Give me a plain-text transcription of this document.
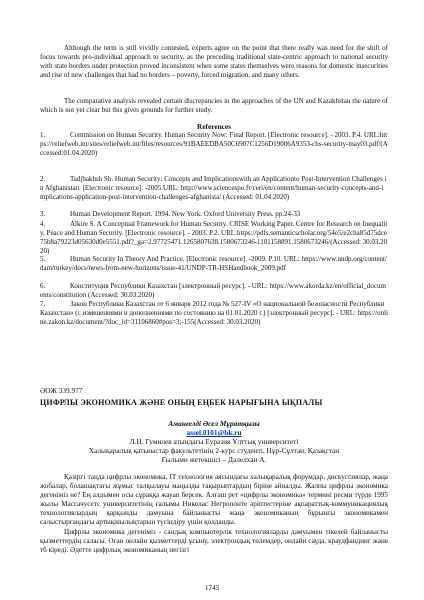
Although the term is still vividly contested, experts agree on the point that there really was need for the shift of focus towards pro-individual approach to security, as the preceding traditional state-centric approach to national security with state borders under protection proved inconsistent when some states themselves were reasons for domestic insecurities and rise of new challenges that had no borders – poverty, forced migration, and many others.

The comparative analysis revealed certain discrepancies in the approaches of the UN and Kazakhstan the nature of which is not yet clear but this gives grounds for further study.

References

1.	Commission on Human Security. Human Security Now: Final Report. [Electronic resource]. - 2003. P.4. URL:https://reliefweb.int/sites/reliefweb.int/files/resources/91BAEEDBA50C6907C1256D19006A9353-chs-security-may03.pdf/(Accessed:01.04.2020)

2.	Tadjbakhsh Sh. Human Security: Concepts and Implicationswith an Applicationto Post-Intervention Challenges in Afghanistan. [Electronic resource]. -2005.URL: http://www.sciencespo.fr/ceri/en/content/human-security-concepts-and-implications-application-post-intervention-challenges-afghanista/ (Accessed: 01.04.2020)

3.	Human Development Report. 1994. New York. Oxford University Press. pp.24-33

4.	Alkire S. A Conceptual Framework for Human Security. CRISE Working Paper. Centre for Research on Inequality, Peace and Human Security. [Electronic resource]. - 2003. P.2. URL:https://pdfs.semanticscholar.org/54e5/e2cha85d75dce75b8a79223d05630d0e5551.pdf?_ga=2.97725471.1265807638.1580673246-1101158891.1580673246/(Accessed: 30.03.2020)

5.	Human Security In Theory And Practice. [Electronic resource]. -2009. P.10. URL: https://www.undp.org/content/dam/turkey/docs/news-from-new-horizons/issue-41/UNDP-TR-HSHandbook_2009.pdf

6.	Конституция Республики Казахстан [электронный ресурс]. - URL: https://www.akorda.kz/en/official_documents/constitution (Accessed: 30.03.2020)

7.	Закон Республики Казахстан от 6 января 2012 года № 527-IV «О национальной безопасности Республики Казахстан» (с изменениями и дополнениями по состоянию на 01.01.2020 г.) [электронный ресурс]. - URL: https://online.zakon.kz/document/?doc_id=31106860#pos=3;-155(Accessed: 30.03.2020)

ӘОЖ 339.977
ЦИФРЛЫ ЭКОНОМИКА ЖӘНЕ ОНЫҢ ЕҢБЕК НАРЫҒЫНА ЫҚПАЛЫ
Аманғелді Әсел Мұратқызы
assel.0101@bk.ru
Л.Н. Гумилев атындағы Еуразия Ұлттық университеті
Халықаралық қатынастар факультетінің 2-курс студенті, Нұр-Сұлтан, Қазақстан
Ғылыми жетекшісі – Далелхан А.

Қазіргі таңда цифрлы экономика, IT технология аясындағы халықаралық форумдар, дискуссиялар, жаңа жобалар, болашақтағы жұмыс талқылауы маңызды тақырыптардың біріне айналды. Жалпы цифрлы экономика дегеніміз не? Ең алдымен осы сұраққа жауап берсек. Алғаш рет «цифрлы экономика» термині ресми түрде 1995 жылы Массачусетс университетінің ғалымы Николас Негропонте әріптестеріне ақпараттық-коммуникациялық технологиялардың қарқынды дамуына байланысты жаңа экономиканың бұрынғы экономикамен салыстырғандағы артықшылықтарын түсіндіру үшін қолданды.

Цифрлы экономика дегеніміз - сандық компьютерлік технологияларды дамуымен тікелей байланысты қызметтердің саласы. Оған онлайн қызметтерді ұсыну, электрондық төлемдер, онлайн сауда, краудфандинг және тб кіреді. Әдетте цифрлық экономиканың негізгі

1743
